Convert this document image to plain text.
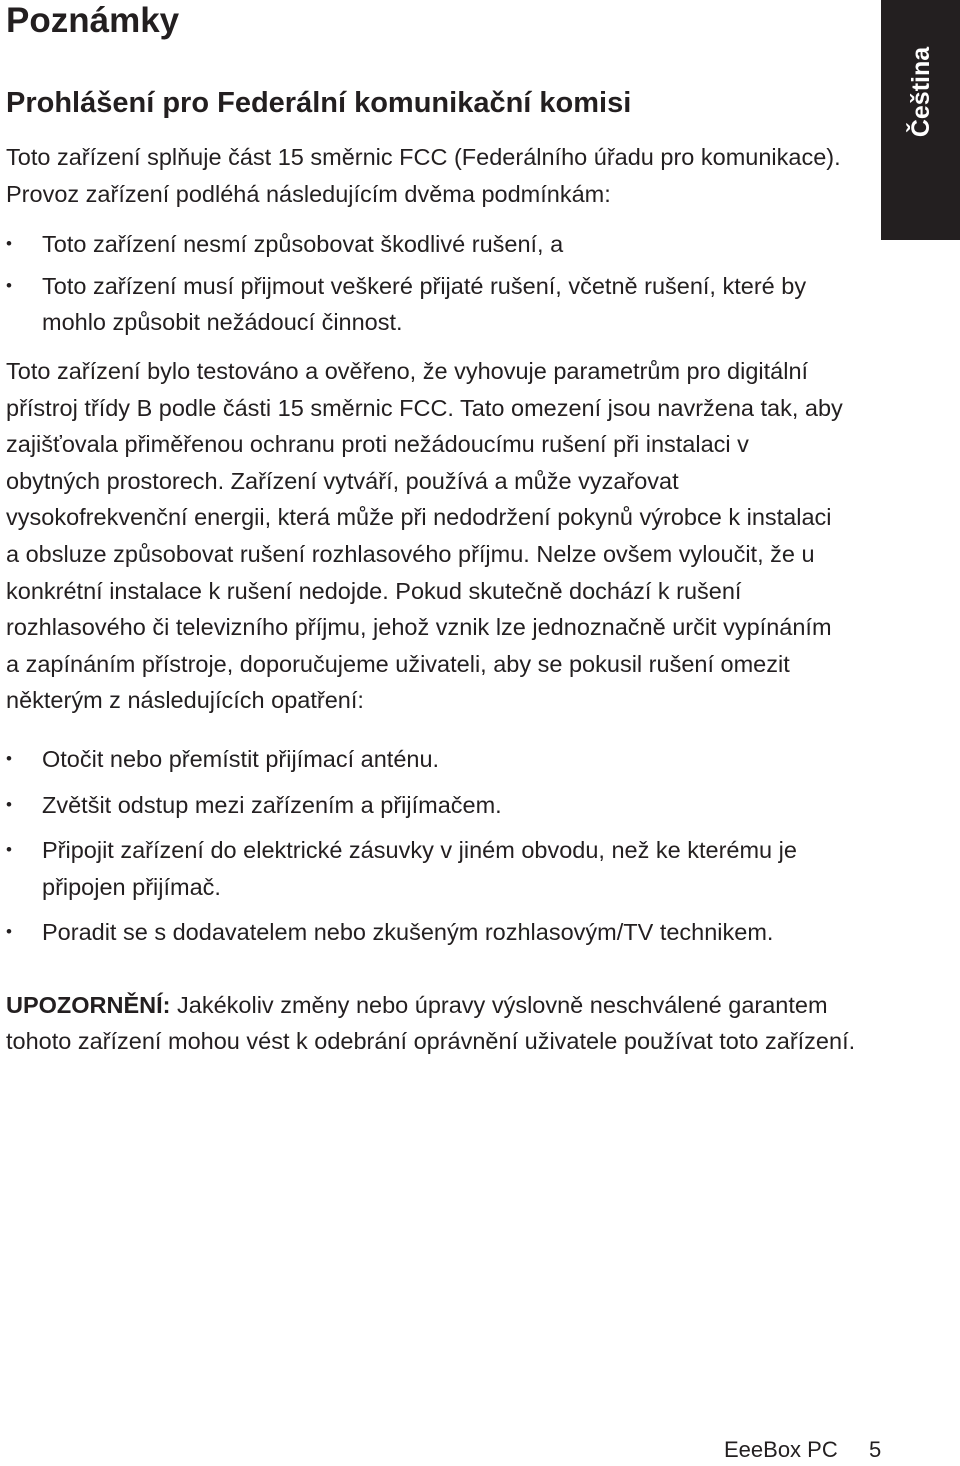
Poznámky
Čeština
Prohlášení pro Federální komunikační komisi

Toto zařízení splňuje část 15 směrnic FCC (Federálního úřadu pro komunikace). Provoz zařízení podléhá následujícím dvěma podmínkám:

• Toto zařízení nesmí způsobovat škodlivé rušení, a
• Toto zařízení musí přijmout veškeré přijaté rušení, včetně rušení, které by mohlo způsobit nežádoucí činnost.

Toto zařízení bylo testováno a ověřeno, že vyhovuje parametrům pro digitální přístroj třídy B podle části 15 směrnic FCC. Tato omezení jsou navržena tak, aby zajišťovala přiměřenou ochranu proti nežádoucímu rušení při instalaci v obytných prostorech. Zařízení vytváří, používá a může vyzařovat vysokofrekvenční energii, která může při nedodržení pokynů výrobce k instalaci a obsluze způsobovat rušení rozhlasového příjmu. Nelze ovšem vyloučit, že u konkrétní instalace k rušení nedojde. Pokud skutečně dochází k rušení rozhlasového či televizního příjmu, jehož vznik lze jednoznačně určit vypínáním a zapínáním přístroje, doporučujeme uživateli, aby se pokusil rušení omezit některým z následujících opatření:

• Otočit nebo přemístit přijímací anténu.
• Zvětšit odstup mezi zařízením a přijímačem.
• Připojit zařízení do elektrické zásuvky v jiném obvodu, než ke kterému je připojen přijímač.
• Poradit se s dodavatelem nebo zkušeným rozhlasovým/TV technikem.

UPOZORNĚNÍ: Jakékoliv změny nebo úpravy výslovně neschválené garantem tohoto zařízení mohou vést k odebrání oprávnění uživatele používat toto zařízení.

EeeBox PC 5
